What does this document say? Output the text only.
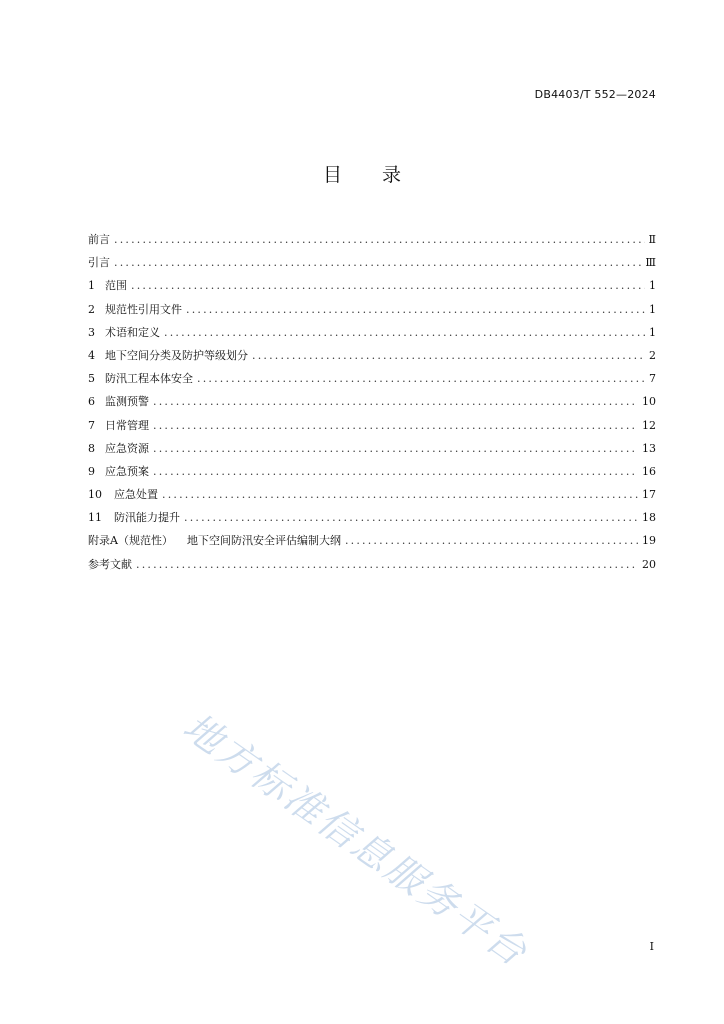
DB4403/T 552—2024
目 录
前言 .....	Ⅱ
引言 .....	Ⅲ
1 范围 .....	1
2 规范性引用文件 .....	1
3 术语和定义 .....	1
4 地下空间分类及防护等级划分 .....	2
5 防汛工程本体安全 .....	7
6 监测预警 .....	10
7 日常管理 .....	12
8 应急资源 .....	13
9 应急预案 .....	16
10 应急处置 .....	17
11 防汛能力提升 .....	18
附录A （规范性） 地下空间防汛安全评估编制大纲 .....	19
参考文献 .....	20
地方标准信息服务平台	I
